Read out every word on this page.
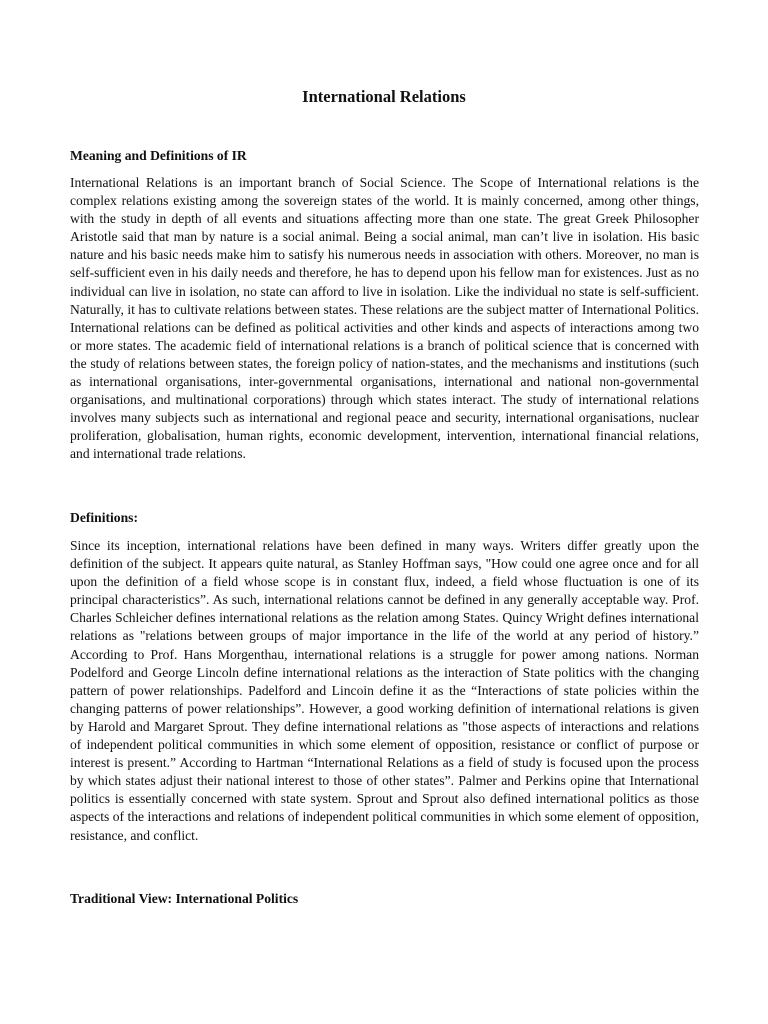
International Relations
Meaning and Definitions of IR

International Relations is an important branch of Social Science. The Scope of International relations is the complex relations existing among the sovereign states of the world. It is mainly concerned, among other things, with the study in depth of all events and situations affecting more than one state. The great Greek Philosopher Aristotle said that man by nature is a social animal. Being a social animal, man can’t live in isolation. His basic nature and his basic needs make him to satisfy his numerous needs in association with others. Moreover, no man is self-sufficient even in his daily needs and therefore, he has to depend upon his fellow man for existences. Just as no individual can live in isolation, no state can afford to live in isolation. Like the individual no state is self-sufficient. Naturally, it has to cultivate relations between states. These relations are the subject matter of International Politics. International relations can be defined as political activities and other kinds and aspects of interactions among two or more states. The academic field of international relations is a branch of political science that is concerned with the study of relations between states, the foreign policy of nation-states, and the mechanisms and institutions (such as international organisations, inter-governmental organisations, international and national non-governmental organisations, and multinational corporations) through which states interact. The study of international relations involves many subjects such as international and regional peace and security, international organisations, nuclear proliferation, globalisation, human rights, economic development, intervention, international financial relations, and international trade relations.

Definitions:

Since its inception, international relations have been defined in many ways. Writers differ greatly upon the definition of the subject. It appears quite natural, as Stanley Hoffman says, "How could one agree once and for all upon the definition of a field whose scope is in constant flux, indeed, a field whose fluctuation is one of its principal characteristics”. As such, international relations cannot be defined in any generally acceptable way. Prof. Charles Schleicher defines international relations as the relation among States. Quincy Wright defines international relations as "relations between groups of major importance in the life of the world at any period of history.” According to Prof. Hans Morgenthau, international relations is a struggle for power among nations. Norman Podelford and George Lincoln define international relations as the interaction of State politics with the changing pattern of power relationships. Padelford and Lincoin define it as the “Interactions of state policies within the changing patterns of power relationships”. However, a good working definition of international relations is given by Harold and Margaret Sprout. They define international relations as "those aspects of interactions and relations of independent political communities in which some element of opposition, resistance or conflict of purpose or interest is present.” According to Hartman “International Relations as a field of study is focused upon the process by which states adjust their national interest to those of other states”. Palmer and Perkins opine that International politics is essentially concerned with state system. Sprout and Sprout also defined international politics as those aspects of the interactions and relations of independent political communities in which some element of opposition, resistance, and conflict.

Traditional View: International Politics
